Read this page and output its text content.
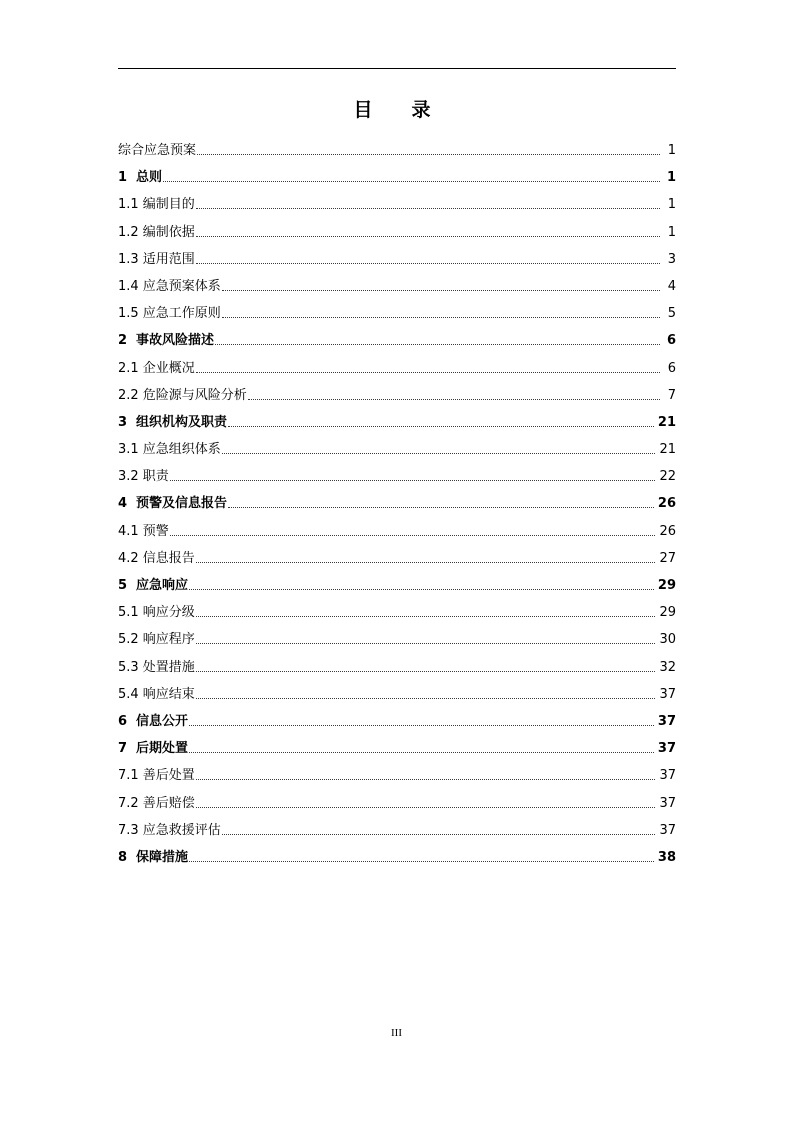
目　录
综合应急预案	1
1 总则	1
1.1 编制目的	1
1.2 编制依据	1
1.3 适用范围	3
1.4 应急预案体系	4
1.5 应急工作原则	5
2 事故风险描述	6
2.1 企业概况	6
2.2 危险源与风险分析	7
3 组织机构及职责	21
3.1 应急组织体系	21
3.2 职责	22
4 预警及信息报告	26
4.1 预警	26
4.2 信息报告	27
5 应急响应	29
5.1 响应分级	29
5.2 响应程序	30
5.3 处置措施	32
5.4 响应结束	37
6 信息公开	37
7 后期处置	37
7.1 善后处置	37
7.2 善后赔偿	37
7.3 应急救援评估	37
8 保障措施	38
III
